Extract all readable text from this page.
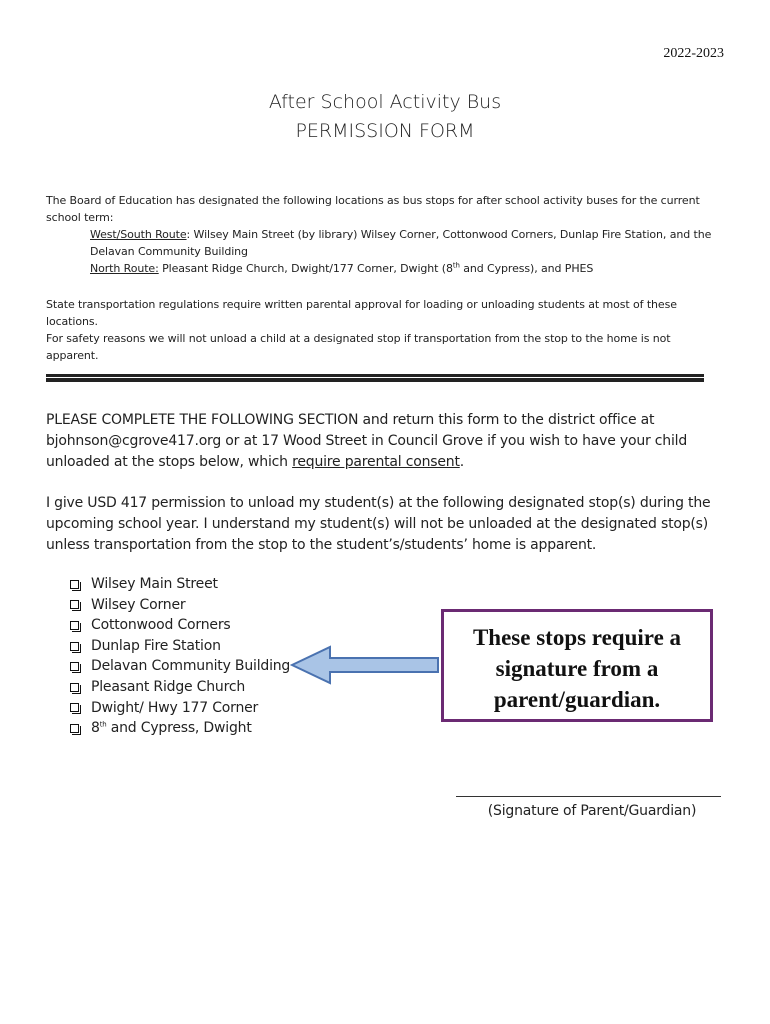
2022-2023
After School Activity Bus
PERMISSION FORM
The Board of Education has designated the following locations as bus stops for after school activity buses for the current school term:
West/South Route: Wilsey Main Street (by library) Wilsey Corner, Cottonwood Corners, Dunlap Fire Station, and the Delavan Community Building
North Route: Pleasant Ridge Church, Dwight/177 Corner, Dwight (8th and Cypress), and PHES
State transportation regulations require written parental approval for loading or unloading students at most of these locations.
For safety reasons we will not unload a child at a designated stop if transportation from the stop to the home is not apparent.
PLEASE COMPLETE THE FOLLOWING SECTION and return this form to the district office at bjohnson@cgrove417.org or at 17 Wood Street in Council Grove if you wish to have your child unloaded at the stops below, which require parental consent.
I give USD 417 permission to unload my student(s) at the following designated stop(s) during the upcoming school year. I understand my student(s) will not be unloaded at the designated stop(s) unless transportation from the stop to the student’s/students’ home is apparent.
Wilsey Main Street
Wilsey Corner
Cottonwood Corners
Dunlap Fire Station
Delavan Community Building
Pleasant Ridge Church
Dwight/ Hwy 177 Corner
8th and Cypress, Dwight
These stops require a signature from a parent/guardian.
(Signature of Parent/Guardian)
